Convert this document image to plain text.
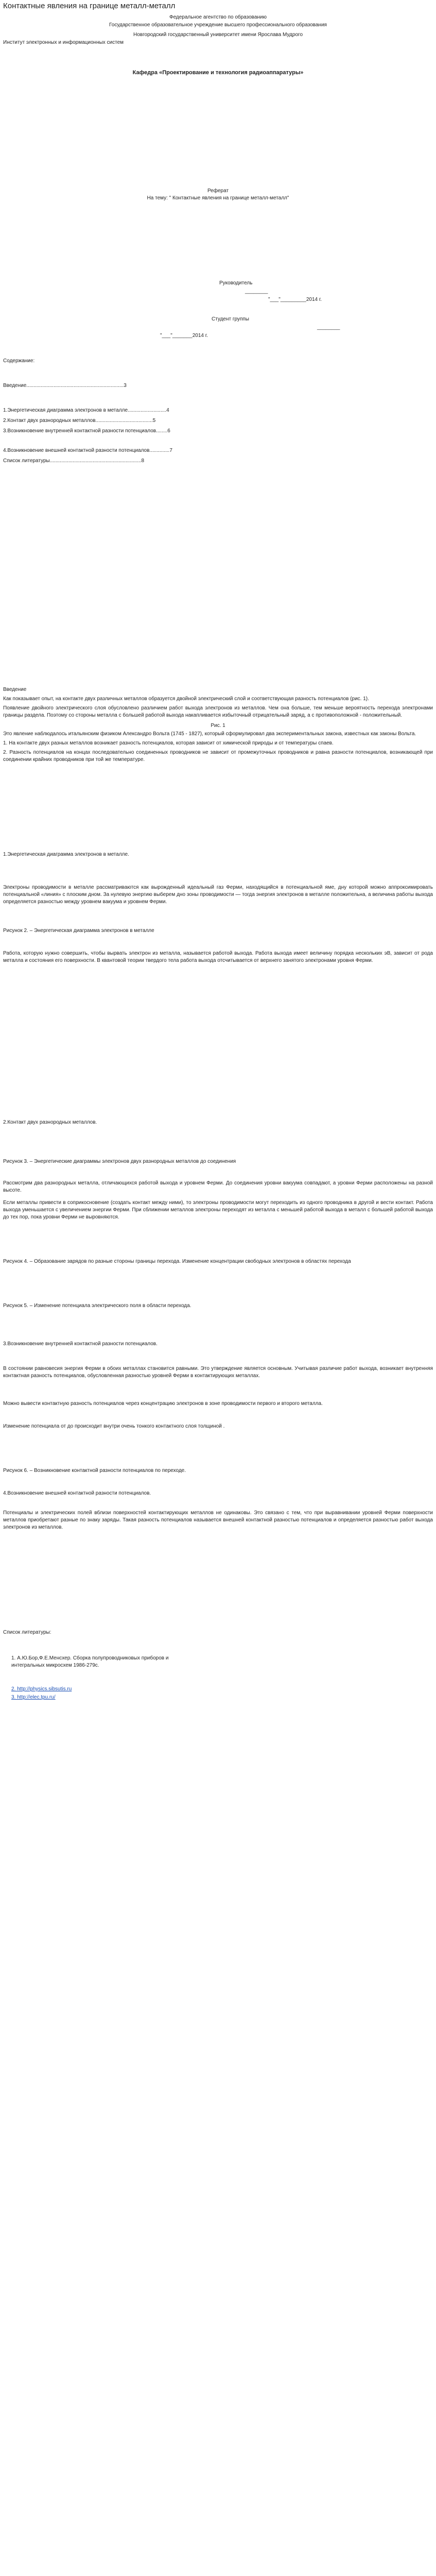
Контактные явления на границе металл-металл

Федеральное агентство по образованию

Государственное образовательное учреждение высшего профессионального образования

Новгородский государственный университет имени Ярослава Мудрого

Институт электронных и информационных систем

Кафедра «Проектирование и технология радиоаппаратуры»

Реферат

На тему: " Контактные явления на границе металл-металл"

Руководитель

________

"___"_________2014 г.

Студент группы

________

"___"_______2014 г.

Содержание:

Введение....................................................................3

1.Энергетическая диаграмма электронов в металле...........................4

2.Контакт двух разнородных металлов........................................5

3.Возникновение внутренней контактной разности потенциалов........6

4.Возникновение внешней контактной разности потенциалов..............7

Список литературы................................................................8

Введение

Как показывает опыт, на контакте двух различных металлов образуется двойной электрический слой и соответствующая разность потенциалов (рис. 1).

Появление двойного электрического слоя обусловлено различием работ выхода электронов из металлов. Чем она больше, тем меньше вероятность перехода электронами границы раздела. Поэтому со стороны металла с большей работой выхода накапливается избыточный отрицательный заряд, а с противоположной - положительный.

Рис. 1

Это явление наблюдалось итальянским физиком Александро Вольта (1745 - 1827), который сформулировал два экспериментальных закона, известных как законы Вольта.

1. На контакте двух разных металлов возникает разность потенциалов, которая зависит от химической природы и от температуры спаев.

2. Разность потенциалов на концах последовательно соединенных проводников не зависит от промежуточных проводников и равна разности потенциалов, возникающей при соединении крайних проводников при той же температуре.

1.Энергетическая диаграмма электронов в металле.

Электроны проводимости в металле рассматриваются как вырожденный идеальный газ Ферми, находящийся в потенциальной яме, дну которой можно аппроксимировать потенциальной «линия» с плоским дном. За нулевую энергию выберем дно зоны проводимости — тогда энергия электронов в металле положительна, а величина работы выхода определяется разностью между уровнем вакуума и уровнем Ферми.

Рисунок 2. – Энергетическая диаграмма электронов в металле

Работа, которую нужно совершить, чтобы вырвать электрон из металла, называется работой выхода. Работа выхода имеет величину порядка нескольких эВ, зависит от рода металла и состояния его поверхности. В квантовой теории твердого тела работа выхода отсчитывается от верхнего занятого электронами уровня Ферми.

2.Контакт двух разнородных металлов.

Рисунок 3. – Энергетические диаграммы электронов двух разнородных металлов до соединения

Рассмотрим два разнородных металла, отличающихся работой выхода и уровнем Ферми. До соединения уровни вакуума совпадают, а уровни Ферми расположены на разной высоте.

Если металлы привести в соприкосновение (создать контакт между ними), то электроны проводимости могут переходить из одного проводника в другой и вести контакт. Работа выхода уменьшается с увеличением энергии Ферми. При сближении металлов электроны переходят из металла с меньшей работой выхода в металл с большей работой выхода до тех пор, пока уровни Ферми не выровняются.

Рисунок 4. – Образование зарядов по разные стороны границы перехода. Изменение концентрации свободных электронов в областях перехода

Рисунок 5. – Изменение потенциала электрического поля в области перехода.

3.Возникновение внутренней контактной разности потенциалов.

В состоянии равновесия энергия Ферми в обоих металлах становится равными. Это утверждение является основным. Учитывая различие работ выхода, возникает внутренняя контактная разность потенциалов, обусловленная разностью уровней Ферми в контактирующих металлах.

Можно вывести контактную разность потенциалов через концентрацию электронов в зоне проводимости первого и второго металла.

Изменение потенциала от до происходит внутри очень тонкого контактного слоя толщиной .

Рисунок 6. – Возникновение контактной разности потенциалов по переходе.

4.Возникновение внешней контактной разности потенциалов.

Потенциалы и электрических полей вблизи поверхностей контактирующих металлов не одинаковы. Это связано с тем, что при выравнивании уровней Ферми поверхности металлов приобретают разные по знаку заряды. Такая разность потенциалов называется внешней контактной разностью потенциалов и определяется разностью работ выхода электронов из металлов.

Список литературы:

1. А.Ю.Бор,Ф.Е.Менсхер. Сборка полупроводниковых приборов и интегральных микросхем 1986-279с.

2. http://physics.sibsutis.ru

3. http://elec.tpu.ru/
